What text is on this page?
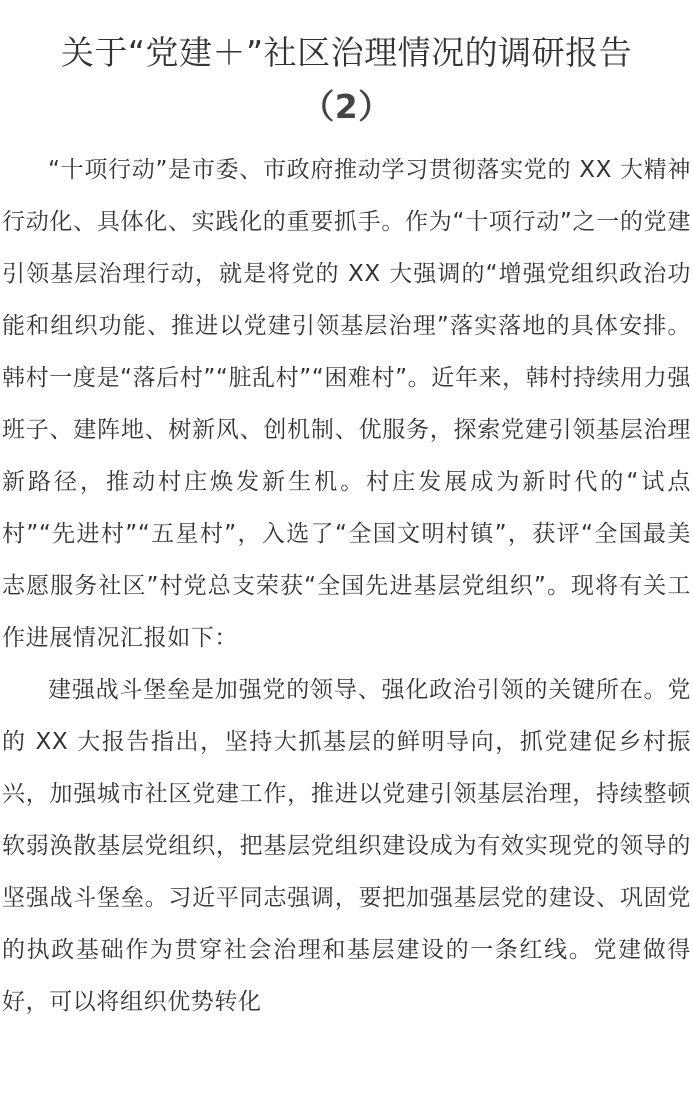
关于“党建＋”社区治理情况的调研报告
（2）

“十项行动”是市委、市政府推动学习贯彻落实党的 XX 大精神行动化、具体化、实践化的重要抓手。作为“十项行动”之一的党建引领基层治理行动，就是将党的 XX 大强调的“增强党组织政治功能和组织功能、推进以党建引领基层治理”落实落地的具体安排。韩村一度是“落后村”“脏乱村”“困难村”。近年来，韩村持续用力强班子、建阵地、树新风、创机制、优服务，探索党建引领基层治理新路径，推动村庄焕发新生机。村庄发展成为新时代的“试点村”“先进村”“五星村”，入选了“全国文明村镇”，获评“全国最美志愿服务社区”村党总支荣获“全国先进基层党组织”。现将有关工作进展情况汇报如下：

建强战斗堡垒是加强党的领导、强化政治引领的关键所在。党的 XX 大报告指出，坚持大抓基层的鲜明导向，抓党建促乡村振兴，加强城市社区党建工作，推进以党建引领基层治理，持续整顿软弱涣散基层党组织，把基层党组织建设成为有效实现党的领导的坚强战斗堡垒。习近平同志强调，要把加强基层党的建设、巩固党的执政基础作为贯穿社会治理和基层建设的一条红线。党建做得好，可以将组织优势转化
